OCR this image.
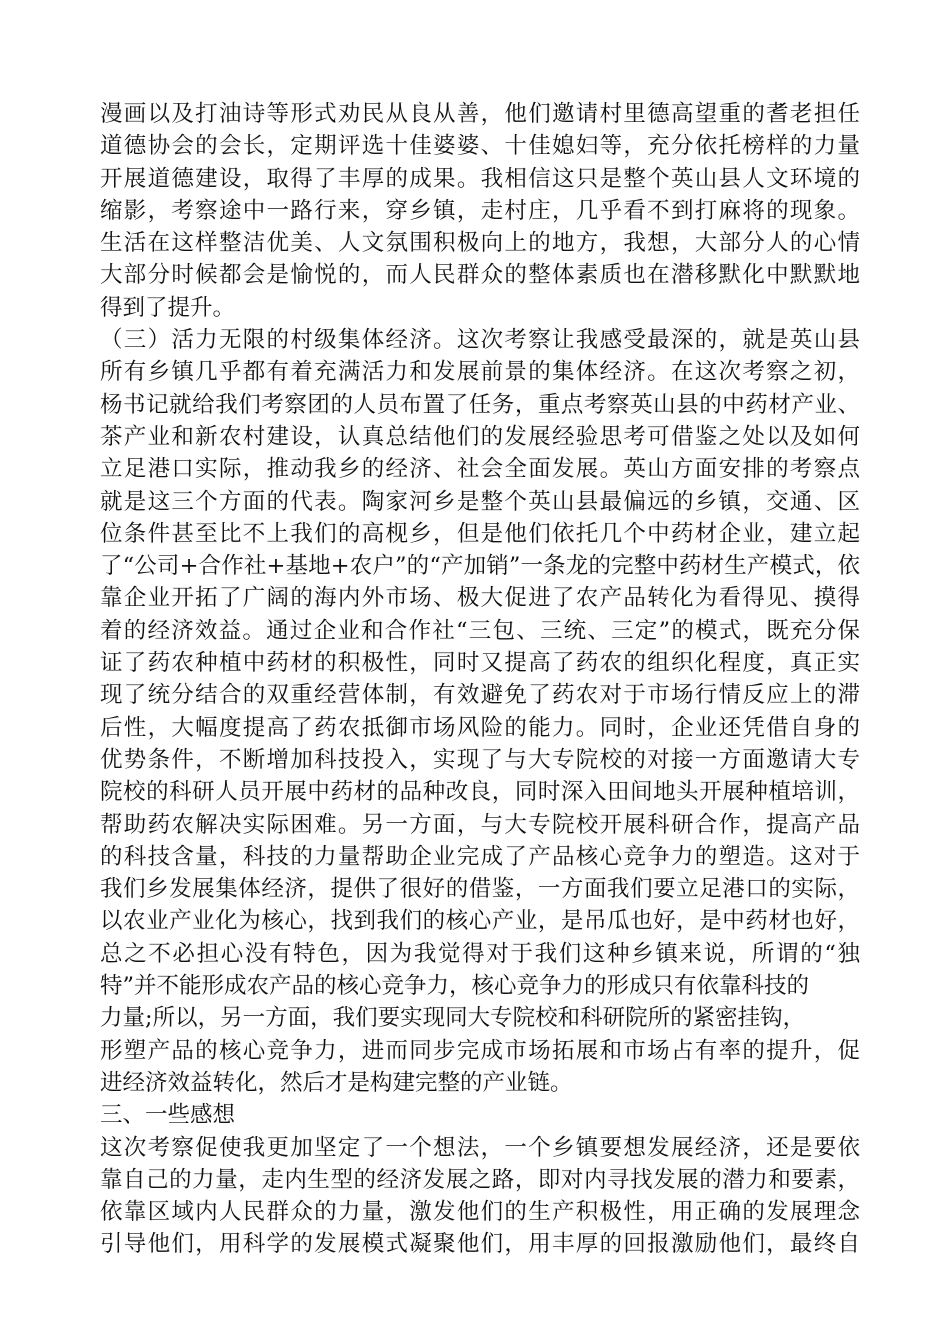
漫画以及打油诗等形式劝民从良从善，他们邀请村里德高望重的耆老担任
道德协会的会长，定期评选十佳婆婆、十佳媳妇等，充分依托榜样的力量
开展道德建设，取得了丰厚的成果。我相信这只是整个英山县人文环境的
缩影，考察途中一路行来，穿乡镇，走村庄，几乎看不到打麻将的现象。
生活在这样整洁优美、人文氛围积极向上的地方，我想，大部分人的心情
大部分时候都会是愉悦的，而人民群众的整体素质也在潜移默化中默默地
得到了提升。
（三）活力无限的村级集体经济。这次考察让我感受最深的，就是英山县
所有乡镇几乎都有着充满活力和发展前景的集体经济。在这次考察之初，
杨书记就给我们考察团的人员布置了任务，重点考察英山县的中药材产业、
茶产业和新农村建设，认真总结他们的发展经验思考可借鉴之处以及如何
立足港口实际，推动我乡的经济、社会全面发展。英山方面安排的考察点
就是这三个方面的代表。陶家河乡是整个英山县最偏远的乡镇，交通、区
位条件甚至比不上我们的高枧乡，但是他们依托几个中药材企业，建立起
了“公司+合作社+基地+农户”的“产加销”一条龙的完整中药材生产模式，依
靠企业开拓了广阔的海内外市场、极大促进了农产品转化为看得见、摸得
着的经济效益。通过企业和合作社“三包、三统、三定”的模式，既充分保
证了药农种植中药材的积极性，同时又提高了药农的组织化程度，真正实
现了统分结合的双重经营体制，有效避免了药农对于市场行情反应上的滞
后性，大幅度提高了药农抵御市场风险的能力。同时，企业还凭借自身的
优势条件，不断增加科技投入，实现了与大专院校的对接一方面邀请大专
院校的科研人员开展中药材的品种改良，同时深入田间地头开展种植培训，
帮助药农解决实际困难。另一方面，与大专院校开展科研合作，提高产品
的科技含量，科技的力量帮助企业完成了产品核心竞争力的塑造。这对于
我们乡发展集体经济，提供了很好的借鉴，一方面我们要立足港口的实际，
以农业产业化为核心，找到我们的核心产业，是吊瓜也好，是中药材也好，
总之不必担心没有特色，因为我觉得对于我们这种乡镇来说，所谓的“独
特”并不能形成农产品的核心竞争力，核心竞争力的形成只有依靠科技的
力量;所以，另一方面，我们要实现同大专院校和科研院所的紧密挂钩，
形塑产品的核心竞争力，进而同步完成市场拓展和市场占有率的提升，促
进经济效益转化，然后才是构建完整的产业链。
三、一些感想
这次考察促使我更加坚定了一个想法，一个乡镇要想发展经济，还是要依
靠自己的力量，走内生型的经济发展之路，即对内寻找发展的潜力和要素，
依靠区域内人民群众的力量，激发他们的生产积极性，用正确的发展理念
引导他们，用科学的发展模式凝聚他们，用丰厚的回报激励他们，最终自
